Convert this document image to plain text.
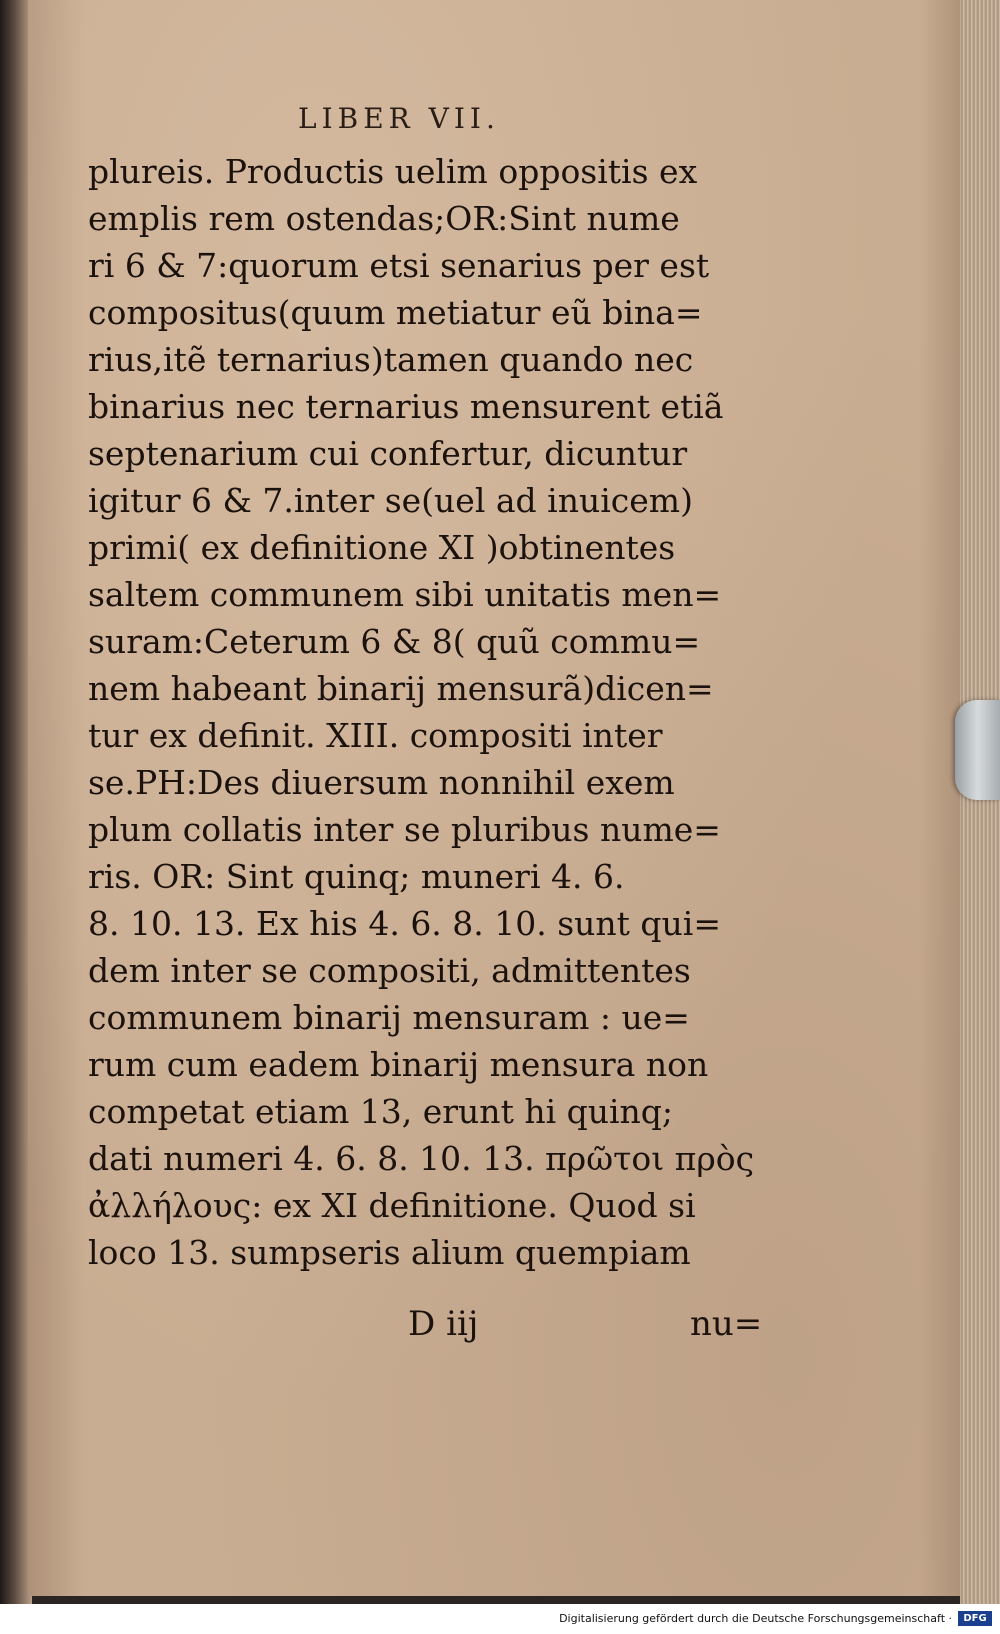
LIBER VII.
plureis. Productis uelim oppositis ex
emplis rem ostendas;OR:Sint nume
ri 6 & 7:quorum etsi senarius per est
compositus(quum metiatur eũ bina=
rius,itẽ ternarius)tamen quando nec
binarius nec ternarius mensurent etiã
septenarium cui confertur, dicuntur
igitur 6 & 7.inter se(uel ad inuicem)
primi( ex definitione XI )obtinentes
saltem communem sibi unitatis men=
suram:Ceterum 6 & 8( quũ commu=
nem habeant binarij mensurã)dicen=
tur ex definit. XIII. compositi inter
se.PH:Des diuersum nonnihil exem
plum collatis inter se pluribus nume=
ris. OR: Sint quinq; muneri 4. 6.
8. 10. 13. Ex his 4. 6. 8. 10. sunt qui=
dem inter se compositi, admittentes
communem binarij mensuram : ue=
rum cum eadem binarij mensura non
competat etiam 13, erunt hi quinq;
dati numeri 4. 6. 8. 10. 13. πρῶτοι πρὸς
ἀλλήλους: ex XI definitione. Quod si
loco 13. sumpseris alium quempiam
D iij	nu=
Digitalisierung gefördert durch die Deutsche Forschungsgemeinschaft ·	DFG
